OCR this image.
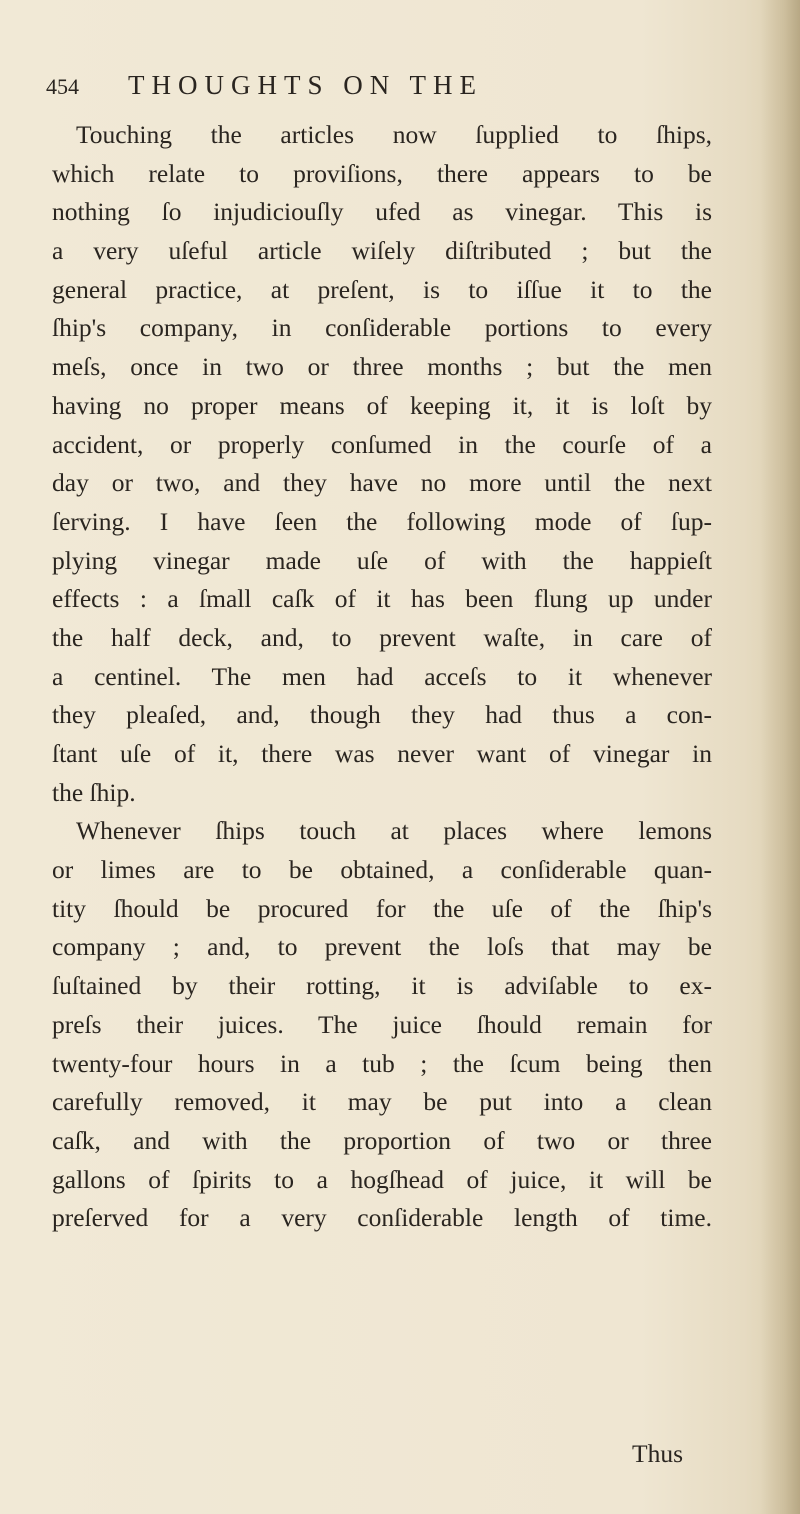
454 THOUGHTS ON THE
Touching the articles now ſupplied to ſhips,
which relate to proviſions, there appears to be
nothing ſo injudiciouſly ufed as vinegar. This is
a very uſeful article wiſely diſtributed ; but the
general practice, at preſent, is to iſſue it to the
ſhip's company, in conſiderable portions to every
meſs, once in two or three months ; but the men
having no proper means of keeping it, it is loſt by
accident, or properly conſumed in the courſe of a
day or two, and they have no more until the next
ſerving. I have ſeen the following mode of ſup-
plying vinegar made uſe of with the happieſt
effects : a ſmall caſk of it has been flung up under
the half deck, and, to prevent waſte, in care of
a centinel. The men had acceſs to it whenever
they pleaſed, and, though they had thus a con-
ſtant uſe of it, there was never want of vinegar in
the ſhip.
Whenever ſhips touch at places where lemons
or limes are to be obtained, a conſiderable quan-
tity ſhould be procured for the uſe of the ſhip's
company ; and, to prevent the loſs that may be
ſuſtained by their rotting, it is adviſable to ex-
preſs their juices. The juice ſhould remain for
twenty-four hours in a tub ; the ſcum being then
carefully removed, it may be put into a clean
caſk, and with the proportion of two or three
gallons of ſpirits to a hogſhead of juice, it will be
preſerved for a very conſiderable length of time.
Thus
